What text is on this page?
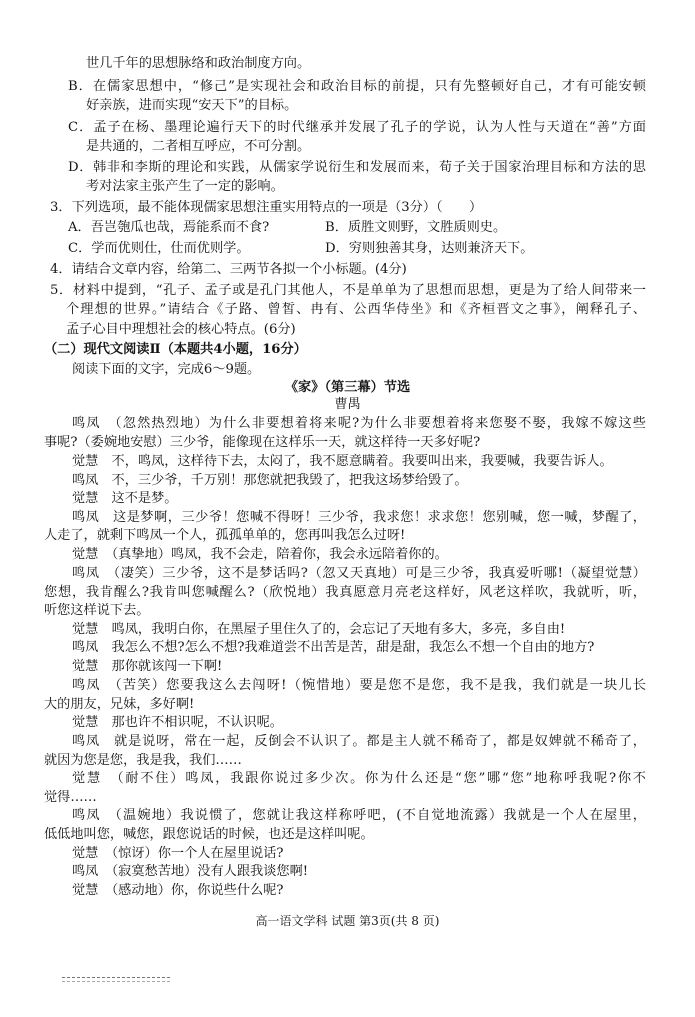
世几千年的思想脉络和政治制度方向。
B．在儒家思想中，“修己”是实现社会和政治目标的前提，只有先整顿好自己，才有可能安顿
好亲族，进而实现“安天下”的目标。
C．孟子在杨、墨理论遍行天下的时代继承并发展了孔子的学说，认为人性与天道在“善”方面
是共通的，二者相互呼应，不可分割。
D．韩非和李斯的理论和实践，从儒家学说衍生和发展而来，荀子关于国家治理目标和方法的思
考对法家主张产生了一定的影响。
3．下列选项，最不能体现儒家思想注重实用特点的一项是（3分）（　　）
A．吾岂匏瓜也哉，焉能系而不食?	B．质胜文则野，文胜质则史。
C．学而优则仕，仕而优则学。	D．穷则独善其身，达则兼济天下。
4．请结合文章内容，给第二、三两节各拟一个小标题。(4分)
5．材料中提到，“孔子、孟子或是孔门其他人，不是单单为了思想而思想，更是为了给人间带来一
个理想的世界。”请结合《子路、曾皙、冉有、公西华侍坐》和《齐桓晋文之事》，阐释孔子、
孟子心目中理想社会的核心特点。(6分)
（二）现代文阅读Ⅱ（本题共4小题，16分）
阅读下面的文字，完成6～9题。
《家》（第三幕）节选
曹禺
鸣凤　（忽然热烈地）为什么非要想着将来呢?为什么非要想着将来您娶不娶，我嫁不嫁这些
事呢?（委婉地安慰）三少爷，能像现在这样乐一天，就这样待一天多好呢?
觉慧　不，鸣凤，这样待下去，太闷了，我不愿意瞒着。我要叫出来，我要喊，我要告诉人。
鸣凤　不，三少爷，千万别！那您就把我毁了，把我这场梦给毁了。
觉慧　这不是梦。
鸣凤　这是梦啊，三少爷！您喊不得呀！三少爷，我求您！求求您！您别喊，您一喊，梦醒了，
人走了，就剩下鸣凤一个人，孤孤单单的，您再叫我怎么过呀!
觉慧　（真挚地）鸣凤，我不会走，陪着你，我会永远陪着你的。
鸣凤　（凄笑）三少爷，这不是梦话吗?（忽又天真地）可是三少爷，我真爱听哪!（凝望觉慧）
您想，我肯醒么?我肯叫您喊醒么?（欣悦地）我真愿意月亮老这样好，风老这样吹，我就听，听，
听您这样说下去。
觉慧　鸣凤，我明白你，在黑屋子里住久了的，会忘记了天地有多大，多亮，多自由!
鸣凤　我怎么不想?怎么不想?我难道尝不出苦是苦，甜是甜，我怎么不想一个自由的地方?
觉慧　那你就该闯一下啊!
鸣凤　（苦笑）您要我这么去闯呀!（惋惜地）要是您不是您，我不是我，我们就是一块儿长
大的朋友，兄妹，多好啊!
觉慧　那也许不相识呢，不认识呢。
鸣凤　就是说呀，常在一起，反倒会不认识了。都是主人就不稀奇了，都是奴婢就不稀奇了，
就因为您是您，我是我，我们……
觉慧　（耐不住）鸣凤，我跟你说过多少次。你为什么还是“您”哪“您”地称呼我呢?你不
觉得……
鸣凤　（温婉地）我说惯了，您就让我这样称呼吧，(不自觉地流露）我就是一个人在屋里，
低低地叫您，喊您，跟您说话的时候，也还是这样叫呢。
觉慧　（惊讶）你一个人在屋里说话?
鸣凤　（寂寞愁苦地）没有人跟我谈您啊!
觉慧　（感动地）你，你说些什么呢?
高一语文学科 试题 第3页(共 8 页)
